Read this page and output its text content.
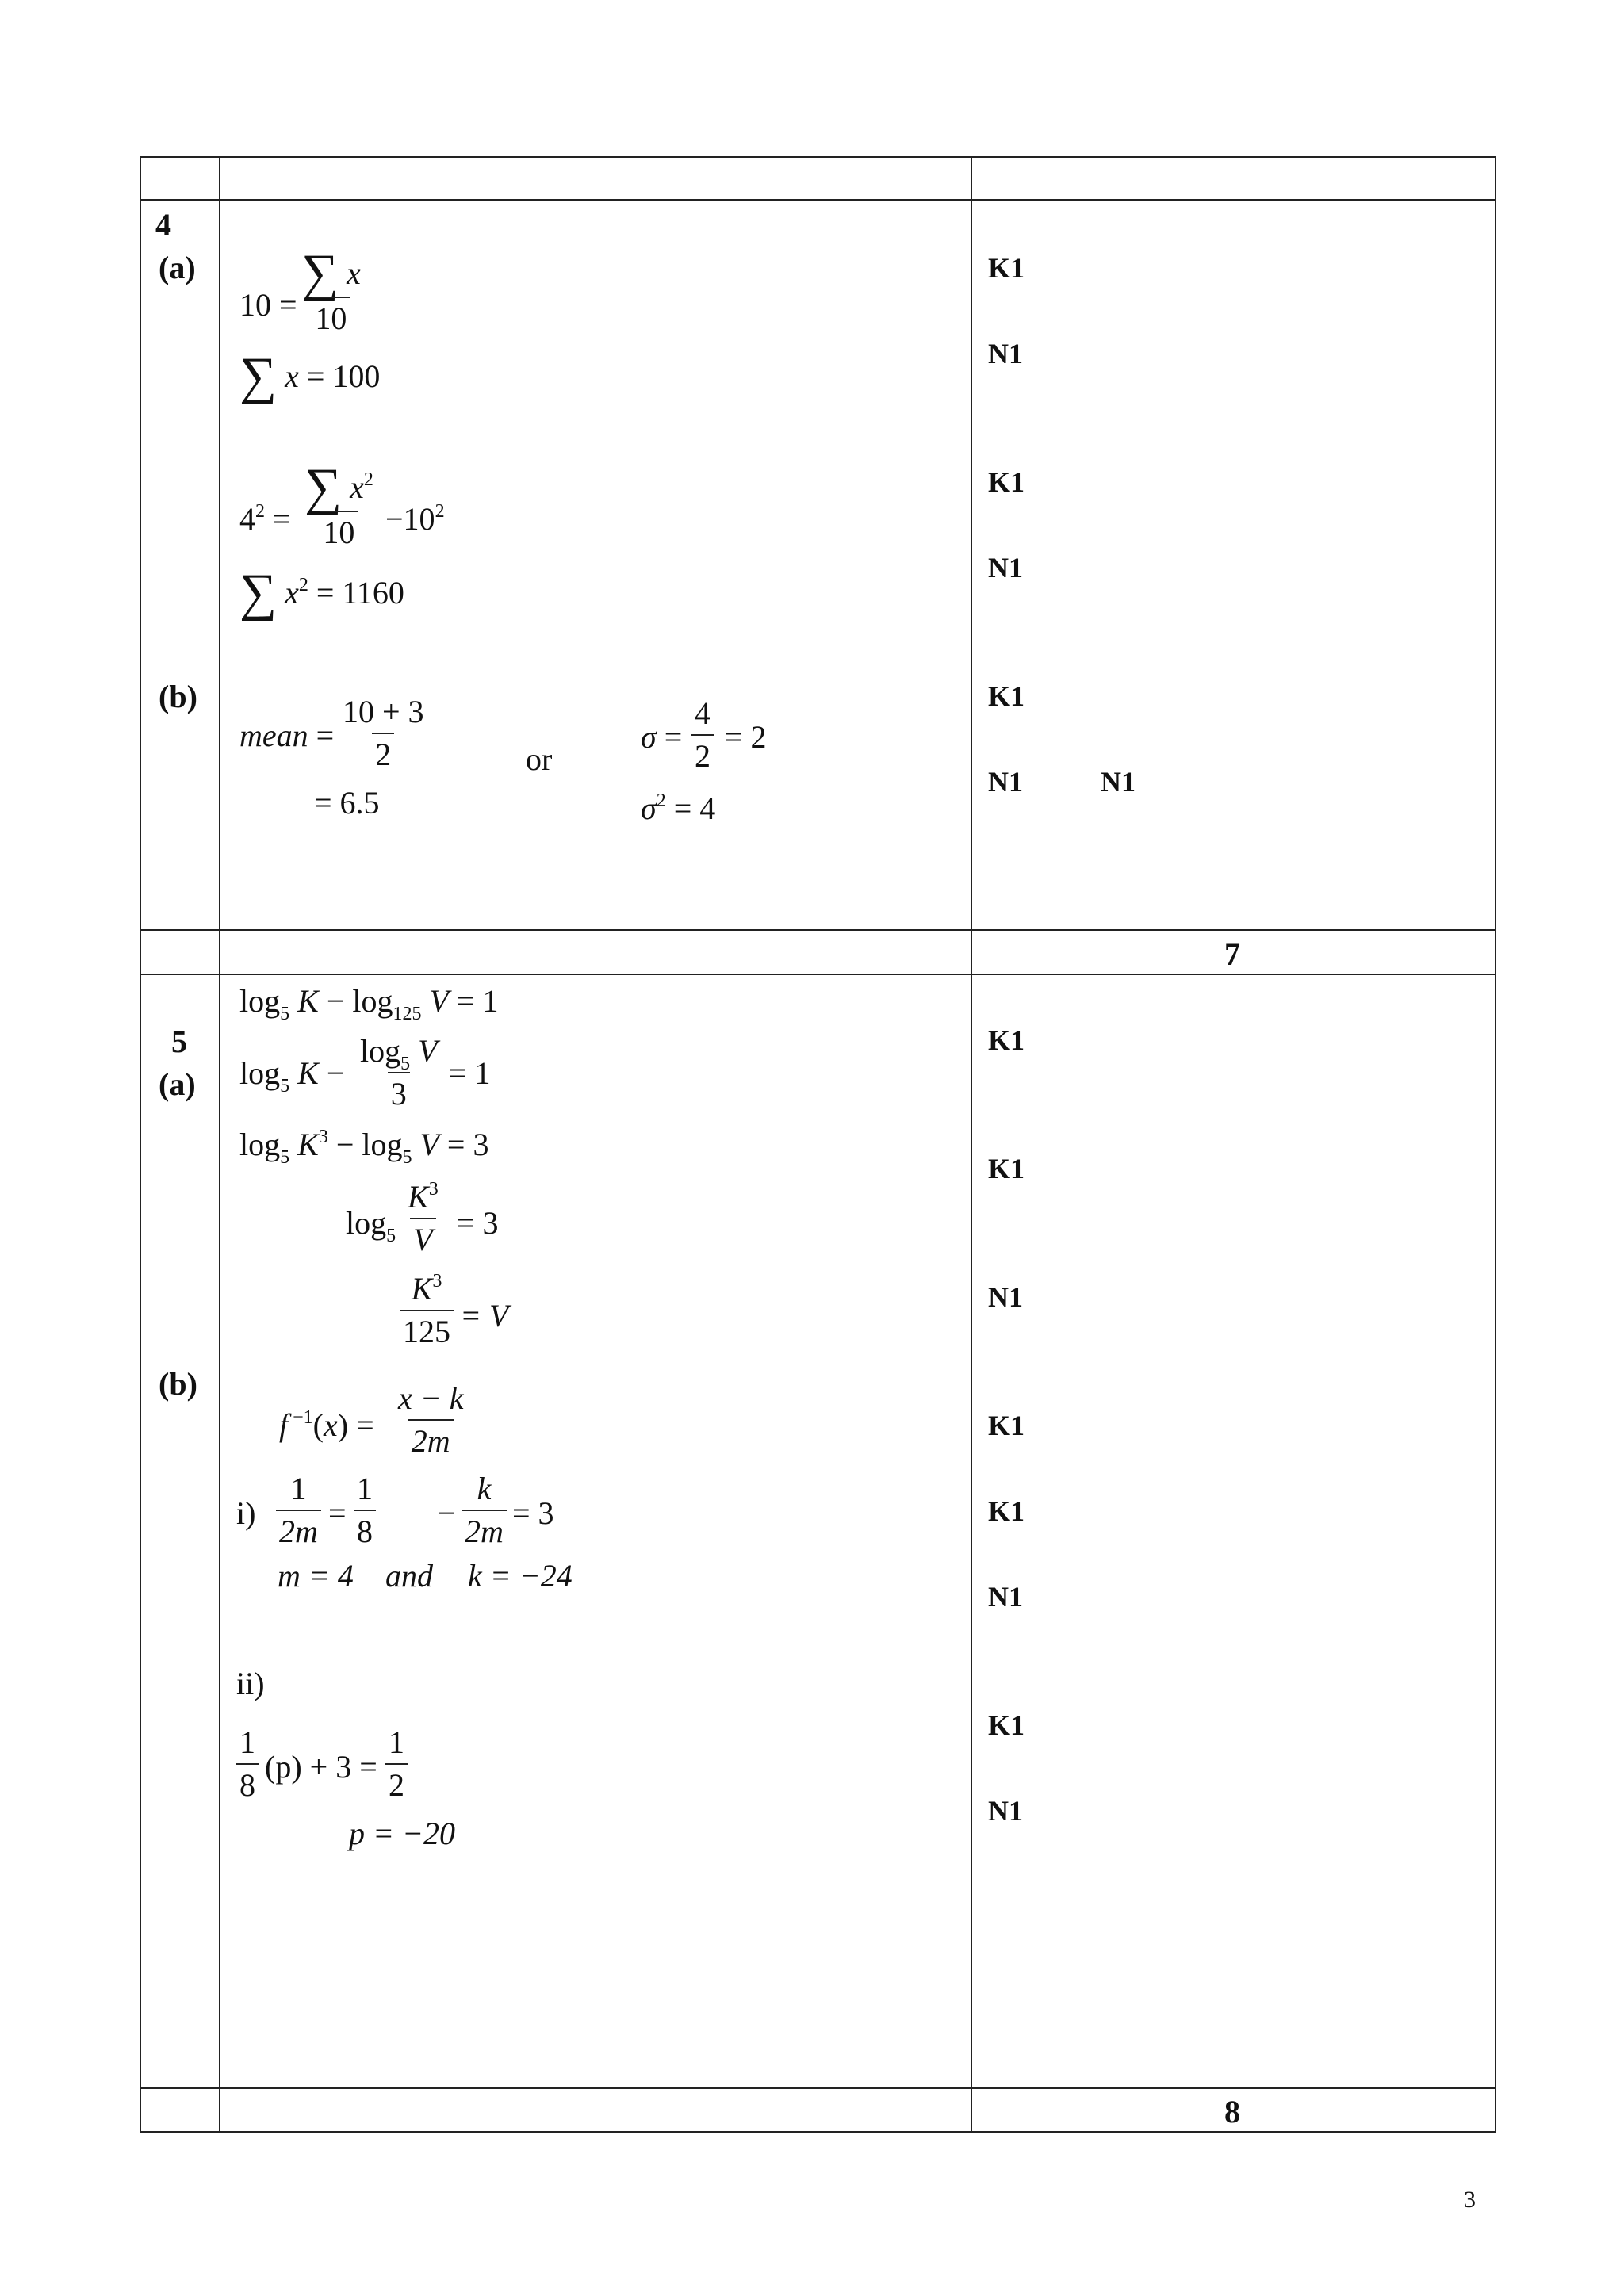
4
(a)
(b)
$10 = \frac{\sum x}{10}$
∑ x = 100
$4^2 = \frac{\sum x^2}{10} -10^2$
∑ $x^2 = 1160$
mean = $\frac{10 + 3}{2}$
= 6.5
or
$\sigma = \frac{4}{2} = 2$
$\sigma^2 = 4$
K1
N1
K1
N1
K1
N1	N1
7
5
(a)
(b)
$\log_5 K - \log_{125} V = 1$
$\log_5 K - \frac{\log_5 V}{3} = 1$
$\log_5 K^3 - \log_5 V = 3$
$\log_5 \frac{K^3}{V} = 3$
$\frac{K^3}{125} = V$
f $^{-1}(x) = \frac{x - k}{2m}$
$i) \frac{1}{2m} = \frac{1}{8} - \frac{k}{2m} = 3$
m = 4 and k = −24
ii)
$\frac{1}{8} (p) + 3 = \frac{1}{2}$
p = −20
K1
K1
N1
K1
K1
N1
K1
N1
8
3
